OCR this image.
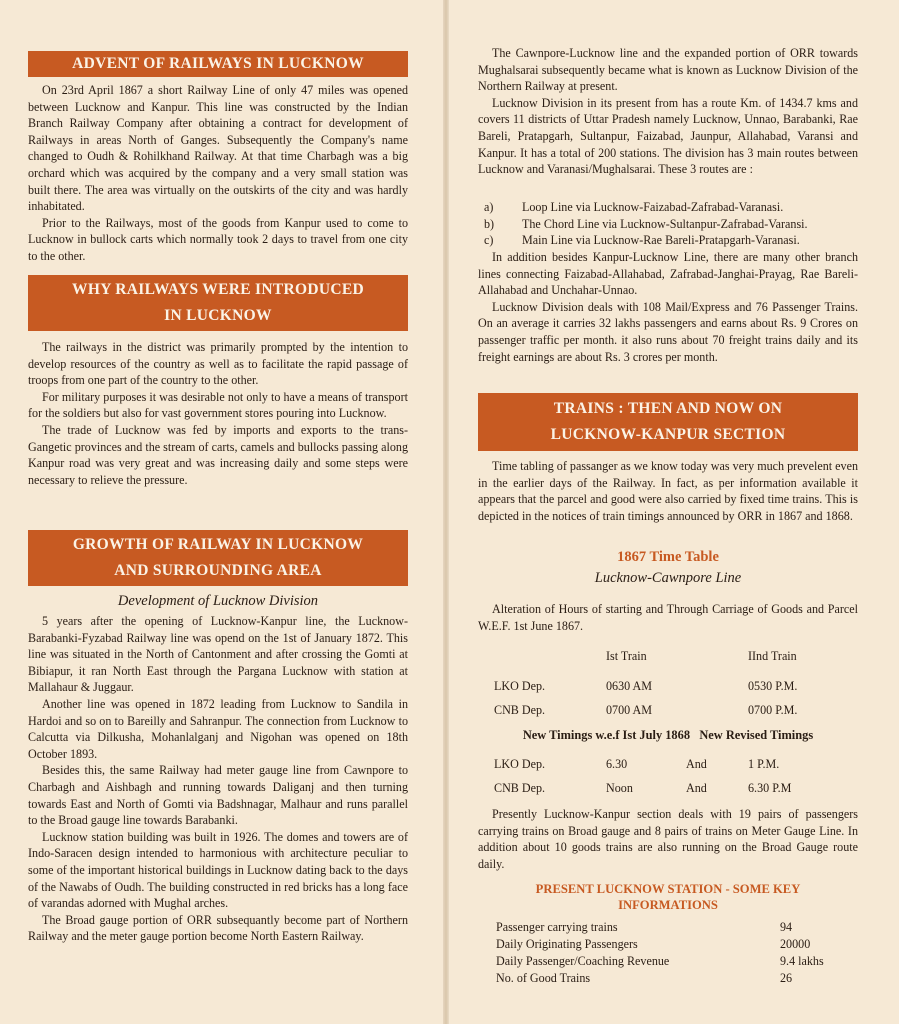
ADVENT OF RAILWAYS IN LUCKNOW

On 23rd April 1867 a short Railway Line of only 47 miles was opened between Lucknow and Kanpur. This line was constructed by the Indian Branch Railway Company after obtaining a contract for development of Railways in areas North of Ganges. Subsequently the Company's name changed to Oudh & Rohilkhand Railway. At that time Charbagh was a big orchard which was acquired by the company and a very small station was built there. The area was virtually on the outskirts of the city and was hardly inhabitated.

Prior to the Railways, most of the goods from Kanpur used to come to Lucknow in bullock carts which normally took 2 days to travel from one city to the other.

WHY RAILWAYS WERE INTRODUCED
IN LUCKNOW

The railways in the district was primarily prompted by the intention to develop resources of the country as well as to facilitate the rapid passage of troops from one part of the country to the other.

For military purposes it was desirable not only to have a means of transport for the soldiers but also for vast government stores pouring into Lucknow.

The trade of Lucknow was fed by imports and exports to the trans-Gangetic provinces and the stream of carts, camels and bullocks passing along Kanpur road was very great and was increasing daily and some steps were necessary to relieve the pressure.

GROWTH OF RAILWAY IN LUCKNOW
AND SURROUNDING AREA
Development of Lucknow Division

5 years after the opening of Lucknow-Kanpur line, the Lucknow-Barabanki-Fyzabad Railway line was opend on the 1st of January 1872. This line was situated in the North of Cantonment and after crossing the Gomti at Bibiapur, it ran North East through the Pargana Lucknow with station at Mallahaur & Juggaur.

Another line was opened in 1872 leading from Lucknow to Sandila in Hardoi and so on to Bareilly and Sahranpur. The connection from Lucknow to Calcutta via Dilkusha, Mohanlalganj and Nigohan was opened on 18th October 1893.

Besides this, the same Railway had meter gauge line from Cawnpore to Charbagh and Aishbagh and running towards Daliganj and then turning towards East and North of Gomti via Badshnagar, Malhaur and runs parallel to the Broad gauge line towards Barabanki.

Lucknow station building was built in 1926. The domes and towers are of Indo-Saracen design intended to harmonious with architecture peculiar to some of the important historical buildings in Lucknow dating back to the days of the Nawabs of Oudh. The building constructed in red bricks has a long face of varandas adorned with Mughal arches.

The Broad gauge portion of ORR subsequantly become part of Northern Railway and the meter gauge portion become North Eastern Railway.

The Cawnpore-Lucknow line and the expanded portion of ORR towards Mughalsarai subsequently became what is known as Lucknow Division of the Northern Railway at present.

Lucknow Division in its present from has a route Km. of 1434.7 kms and covers 11 districts of Uttar Pradesh namely Lucknow, Unnao, Barabanki, Rae Bareli, Pratapgarh, Sultanpur, Faizabad, Jaunpur, Allahabad, Varansi and Kanpur. It has a total of 200 stations. The division has 3 main routes between Lucknow and Varanasi/Mughalsarai. These 3 routes are :

a)	Loop Line via Lucknow-Faizabad-Zafrabad-Varanasi.
b)	The Chord Line via Lucknow-Sultanpur-Zafrabad-Varansi.
c)	Main Line via Lucknow-Rae Bareli-Pratapgarh-Varanasi.

In addition besides Kanpur-Lucknow Line, there are many other branch lines connecting Faizabad-Allahabad, Zafrabad-Janghai-Prayag, Rae Bareli-Allahabad and Unchahar-Unnao.

Lucknow Division deals with 108 Mail/Express and 76 Passenger Trains. On an average it carries 32 lakhs passengers and earns about Rs. 9 Crores on passenger traffic per month. it also runs about 70 freight trains daily and its freight earnings are about Rs. 3 crores per month.

TRAINS : THEN AND NOW ON
LUCKNOW-KANPUR SECTION

Time tabling of passanger as we know today was very much prevelent even in the earlier days of the Railway. In fact, as per information available it appears that the parcel and good were also carried by fixed time trains. This is depicted in the notices of train timings announced by ORR in 1867 and 1868.

1867 Time Table
Lucknow-Cawnpore Line

Alteration of Hours of starting and Through Carriage of Goods and Parcel W.E.F. 1st June 1867.

Ist Train	IInd Train
LKO Dep.	0630 AM	0530 P.M.
CNB Dep.	0700 AM	0700 P.M.
New Timings w.e.f Ist July 1868 New Revised Timings
LKO Dep.	6.30	And	1 P.M.
CNB Dep.	Noon	And	6.30 P.M

Presently Lucknow-Kanpur section deals with 19 pairs of passengers carrying trains on Broad gauge and 8 pairs of trains on Meter Gauge Line. In addition about 10 goods trains are also running on the Broad Gauge route daily.

PRESENT LUCKNOW STATION - SOME KEY
INFORMATIONS
Passenger carrying trains	94
Daily Originating Passengers	20000
Daily Passenger/Coaching Revenue	9.4 lakhs
No. of Good Trains	26
